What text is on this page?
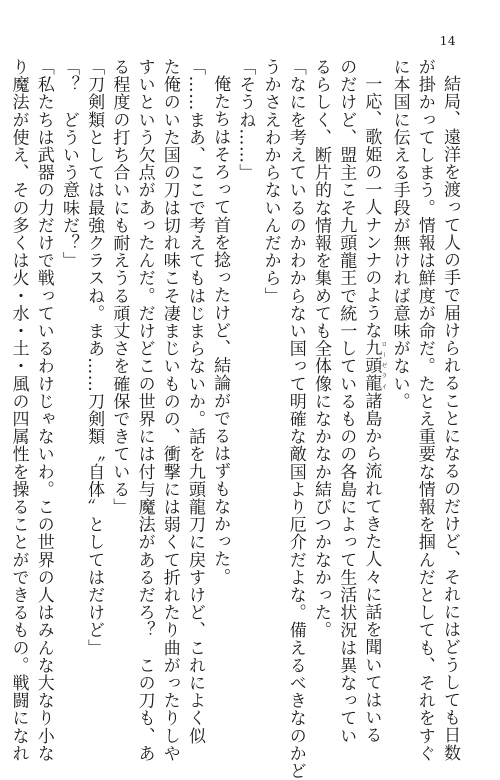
14

結局、遠洋を渡って人の手で届けられることになるのだけど、それにはどうしても日数

が掛かってしまう。情報は鮮度が命だ。たとえ重要な情報を掴んだとしても、それをすぐ

に本国に伝える手段が無ければ意味がない。

一応、歌姫の一人ナンナのような九頭龍ローゼライ諸島から流れてきた人々に話を聞いてはいる

のだけど、盟主こそ九頭龍王で統一しているものの各島によって生活状況は異なってい

るらしく、断片的な情報を集めても全体像になかなか結びつかなかった。

「なにを考えているのかわからない国って明確な敵国より厄介だよな。備えるべきなのかど

うかさえわからないんだから」

「そうね……」

俺たちはそろって首を捻ったけど、結論がでるはずもなかった。

「……まあ、ここで考えてもはじまらないか。話を九頭龍刀に戻すけど、これによく似

た俺のいた国の刀は切れ味こそ凄まじいものの、衝撃には弱くて折れたり曲がったりしや

すいという欠点があったんだ。だけどこの世界には付与魔法があるだろ？　この刀も、あ

る程度の打ち合いにも耐えうる頑丈さを確保できている」

「刀剣類としては最強クラスね。まあ……刀剣類〝自体〟としてはだけど」

「？　どういう意味だ？」

「私たちは武器の力だけで戦っているわけじゃないわ。この世界の人はみんな大なり小な

り魔法が使え、その多くは火・水・土・風の四属性を操ることができるもの。戦闘になれ
